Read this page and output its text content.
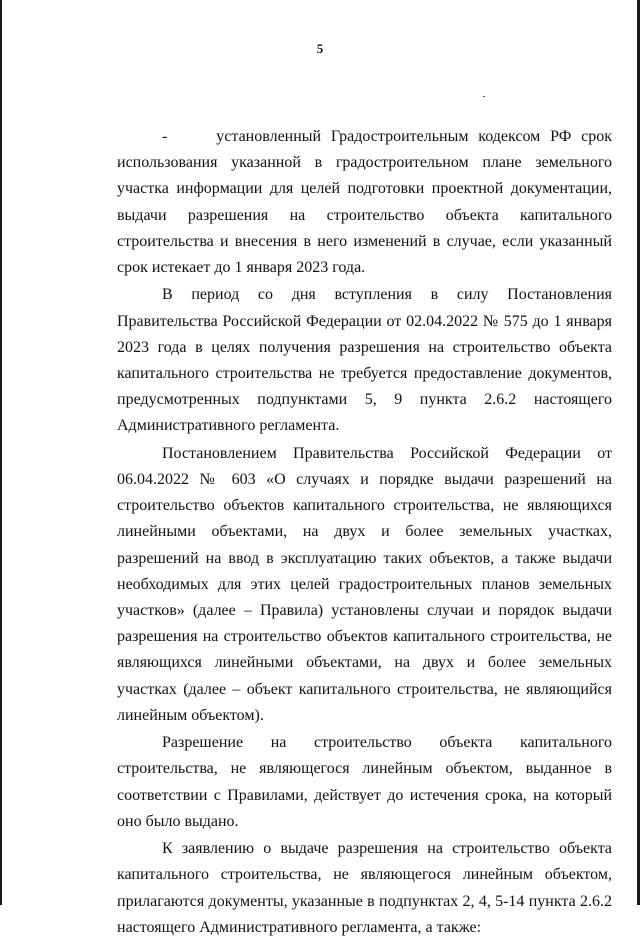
5

-     установленный Градостроительным кодексом РФ срок использования указанной в градостроительном плане земельного участка информации для целей подготовки проектной документации, выдачи разрешения на строительство объекта капитального строительства и внесения в него изменений в случае, если указанный срок истекает до 1 января 2023 года.

В период со дня вступления в силу Постановления Правительства Российской Федерации от 02.04.2022 № 575 до 1 января 2023 года в целях получения разрешения на строительство объекта капитального строительства не требуется предоставление документов, предусмотренных подпунктами 5, 9 пункта 2.6.2 настоящего Административного регламента.

Постановлением Правительства Российской Федерации от 06.04.2022 № 603 «О случаях и порядке выдачи разрешений на строительство объектов капитального строительства, не являющихся линейными объектами, на двух и более земельных участках, разрешений на ввод в эксплуатацию таких объектов, а также выдачи необходимых для этих целей градостроительных планов земельных участков» (далее – Правила) установлены случаи и порядок выдачи разрешения на строительство объектов капитального строительства, не являющихся линейными объектами, на двух и более земельных участках (далее – объект капитального строительства, не являющийся линейным объектом).

Разрешение на строительство объекта капитального строительства, не являющегося линейным объектом, выданное в соответствии с Правилами, действует до истечения срока, на который оно было выдано.

К заявлению о выдаче разрешения на строительство объекта капитального строительства, не являющегося линейным объектом, прилагаются документы, указанные в подпунктах 2, 4, 5-14 пункта 2.6.2 настоящего Административного регламента, а также:
